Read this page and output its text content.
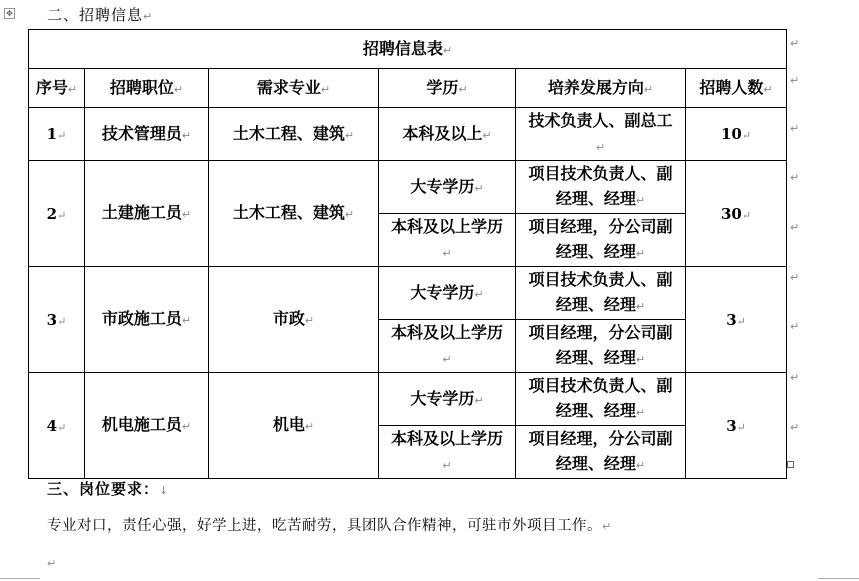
✥ 二、招聘信息↵
招聘信息表↵					

序号↵	招聘职位↵	需求专业↵	学历↵	培养发展方向↵	招聘人数↵

1↵	技术管理员↵	土木工程、建筑↵	本科及以上↵	技术负责人、副总工↵	10↵

2↵	土建施工员↵	土木工程、建筑↵	大专学历↵	项目技术负责人、副经理、经理↵	30↵

			本科及以上学历↵	项目经理，分公司副经理、经理↵	

3↵	市政施工员↵	市政↵	大专学历↵	项目技术负责人、副经理、经理↵	3↵

			本科及以上学历↵	项目经理，分公司副经理、经理↵	

4↵	机电施工员↵	机电↵	大专学历↵	项目技术负责人、副经理、经理↵	3↵

			本科及以上学历↵	项目经理，分公司副经理、经理↵	
↵
↵
↵
↵
↵
↵
↵
↵
↵
三、岗位要求：↓
专业对口，责任心强，好学上进，吃苦耐劳，具团队合作精神，可驻市外项目工作。↵
↵
